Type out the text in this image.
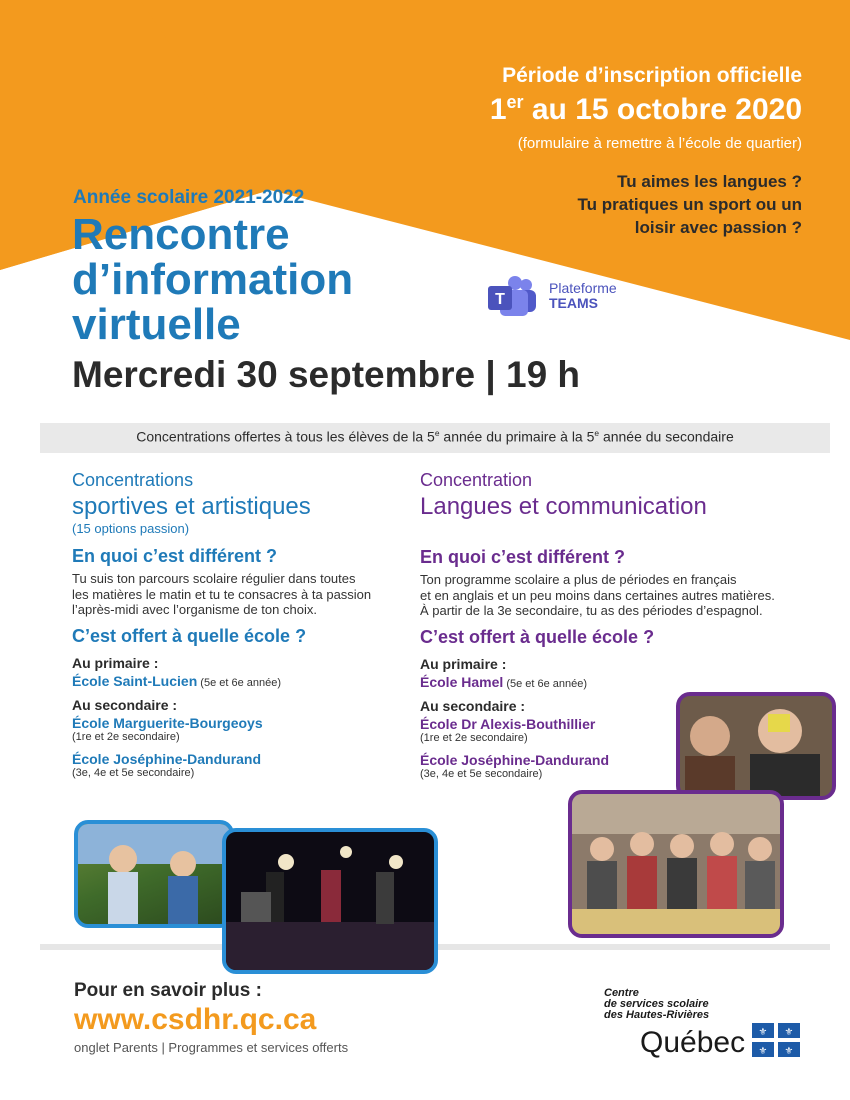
Période d’inscription officielle
1er au 15 octobre 2020
(formulaire à remettre à l’école de quartier)
Tu aimes les langues ?
Tu pratiques un sport ou un
loisir avec passion ?
Année scolaire 2021-2022
Rencontre
d’information
virtuelle
T
Plateforme
TEAMS
Mercredi 30 septembre | 19 h
Concentrations offertes à tous les élèves de la 5e année du primaire à la 5e année du secondaire
Concentrations
sportives et artistiques
(15 options passion)
En quoi c’est différent ?
Tu suis ton parcours scolaire régulier dans toutes
les matières le matin et tu te consacres à ta passion
l’après-midi avec l’organisme de ton choix.
C’est offert à quelle école ?
Au primaire :
École Saint-Lucien (5e et 6e année)
Au secondaire :
École Marguerite-Bourgeoys
(1re et 2e secondaire)
École Joséphine-Dandurand
(3e, 4e et 5e secondaire)
Concentration
Langues et communication
En quoi c’est différent ?
Ton programme scolaire a plus de périodes en français
et en anglais et un peu moins dans certaines autres matières.
À partir de la 3e secondaire, tu as des périodes d’espagnol.
C’est offert à quelle école ?
Au primaire :
École Hamel (5e et 6e année)
Au secondaire :
École Dr Alexis-Bouthillier
(1re et 2e secondaire)
École Joséphine-Dandurand
(3e, 4e et 5e secondaire)
Pour en savoir plus :
www.csdhr.qc.ca
onglet Parents | Programmes et services offerts
Centre
de services scolaire
des Hautes-Rivières
Québec ⚜ ⚜
⚜ ⚜
